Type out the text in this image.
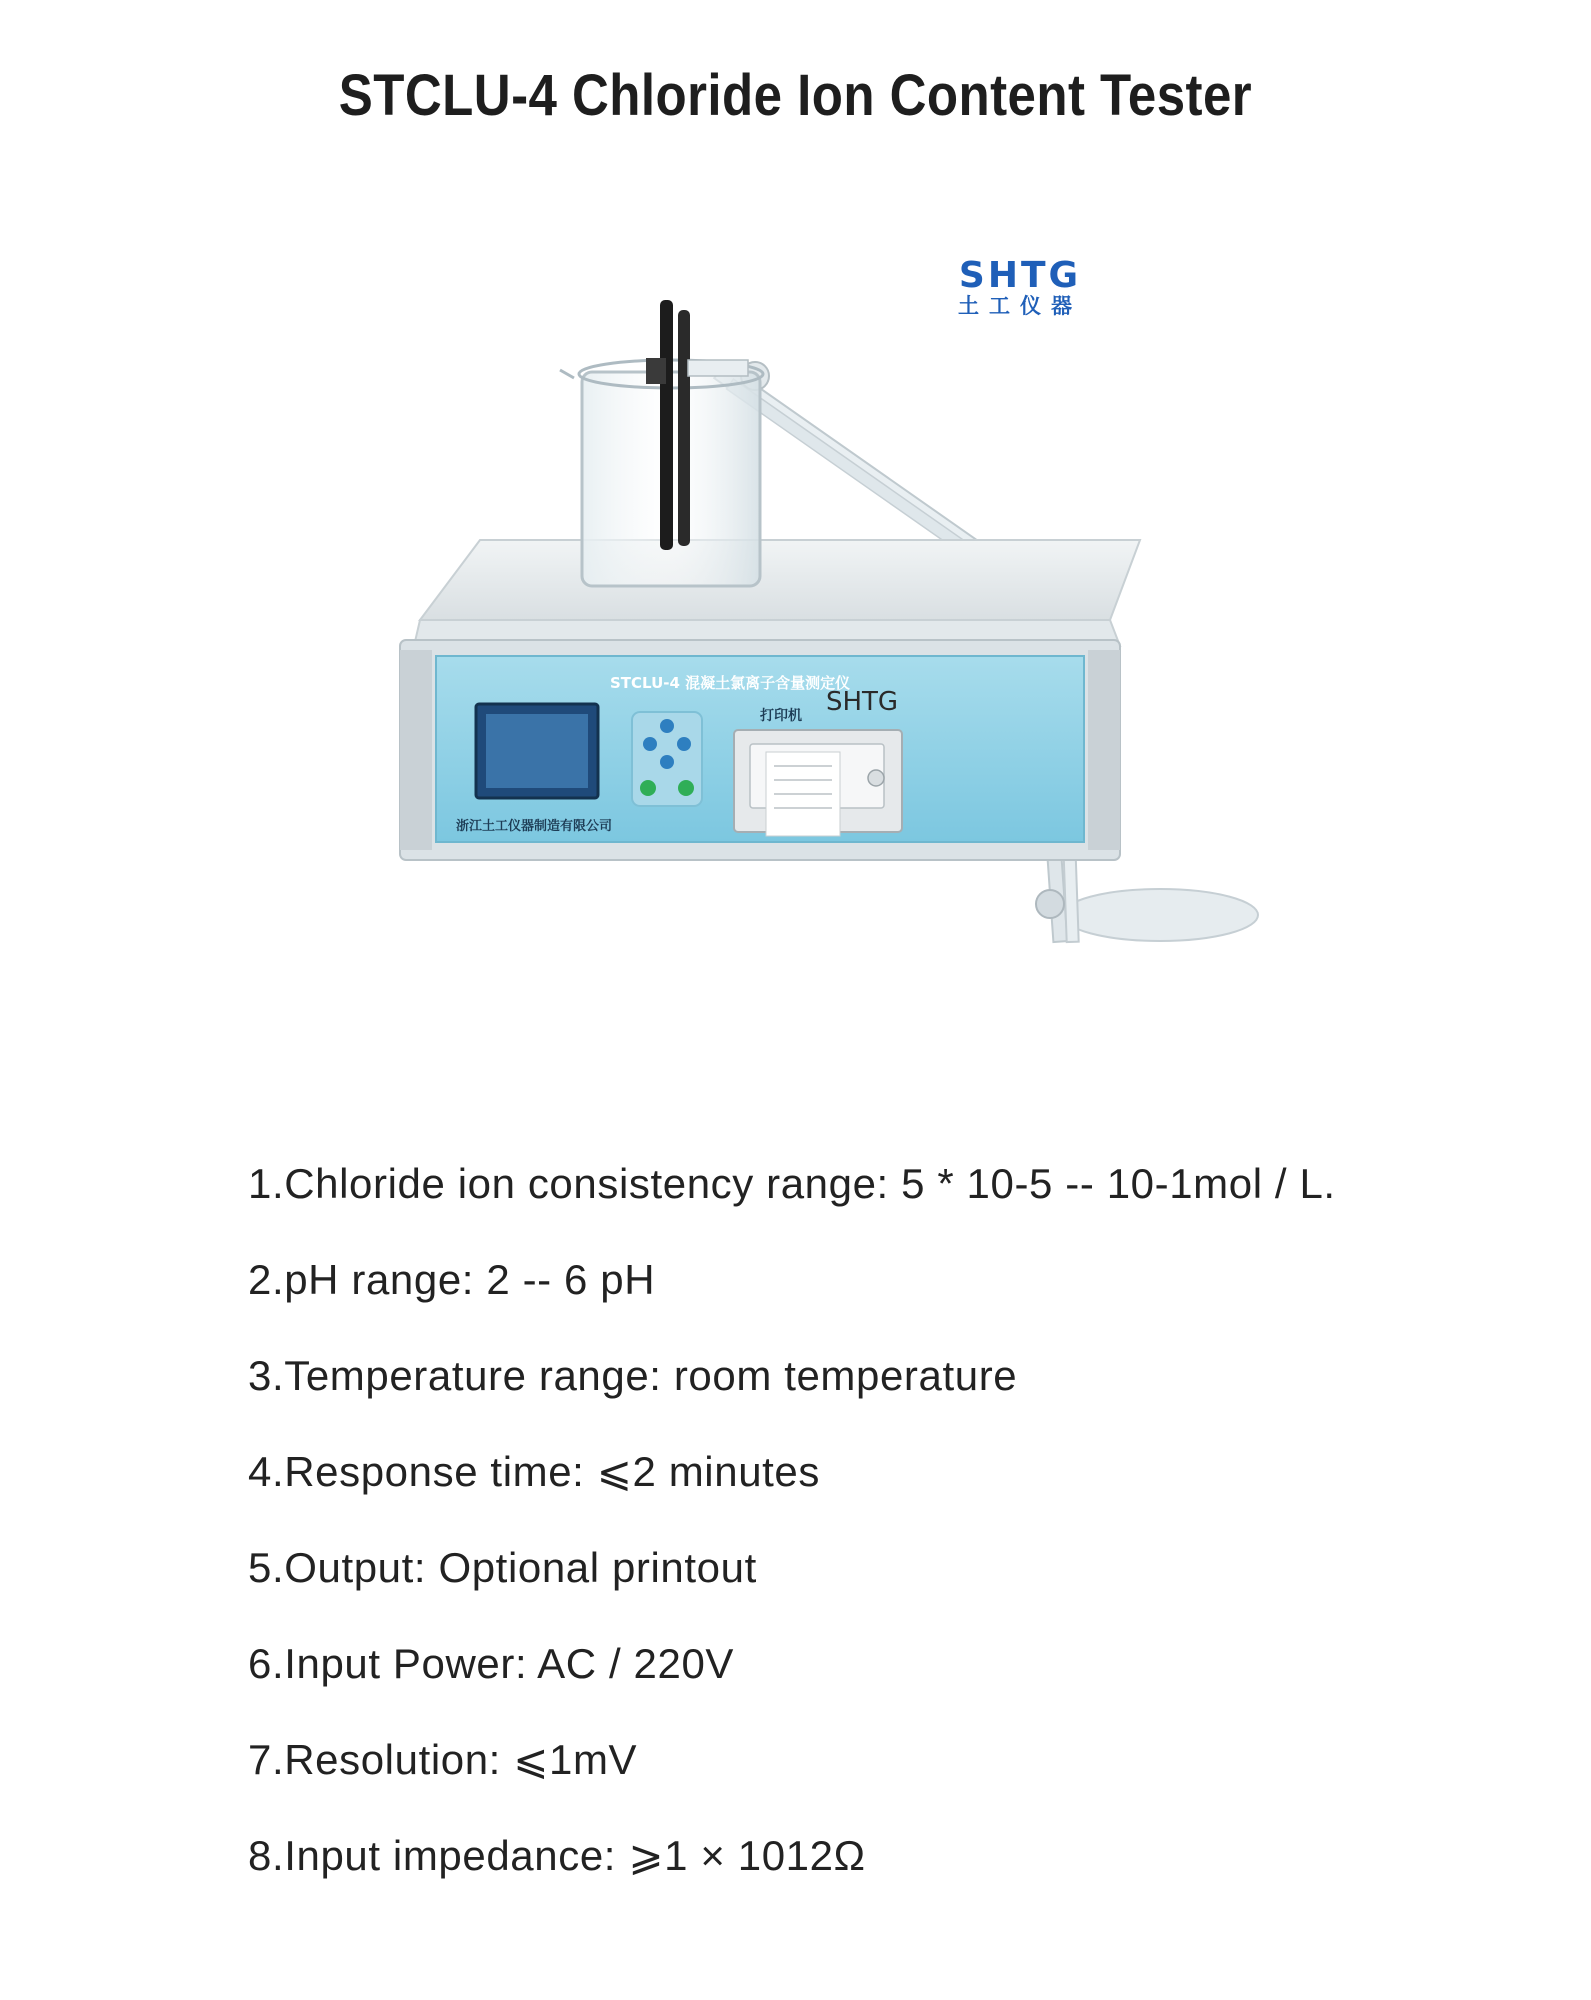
STCLU-4 Chloride Ion Content Tester
SHTG
土工仪器
STCLU-4 混凝土氯离子含量测定仪
打印机 SHTG
浙江土工仪器制造有限公司
1.Chloride ion consistency range: 5 * 10-5 -- 10-1mol / L.
2.pH range: 2 -- 6 pH
3.Temperature range: room temperature
4.Response time: ⩽2 minutes
5.Output: Optional printout
6.Input Power: AC / 220V
7.Resolution: ⩽1mV
8.Input impedance: ⩾1 × 1012Ω
